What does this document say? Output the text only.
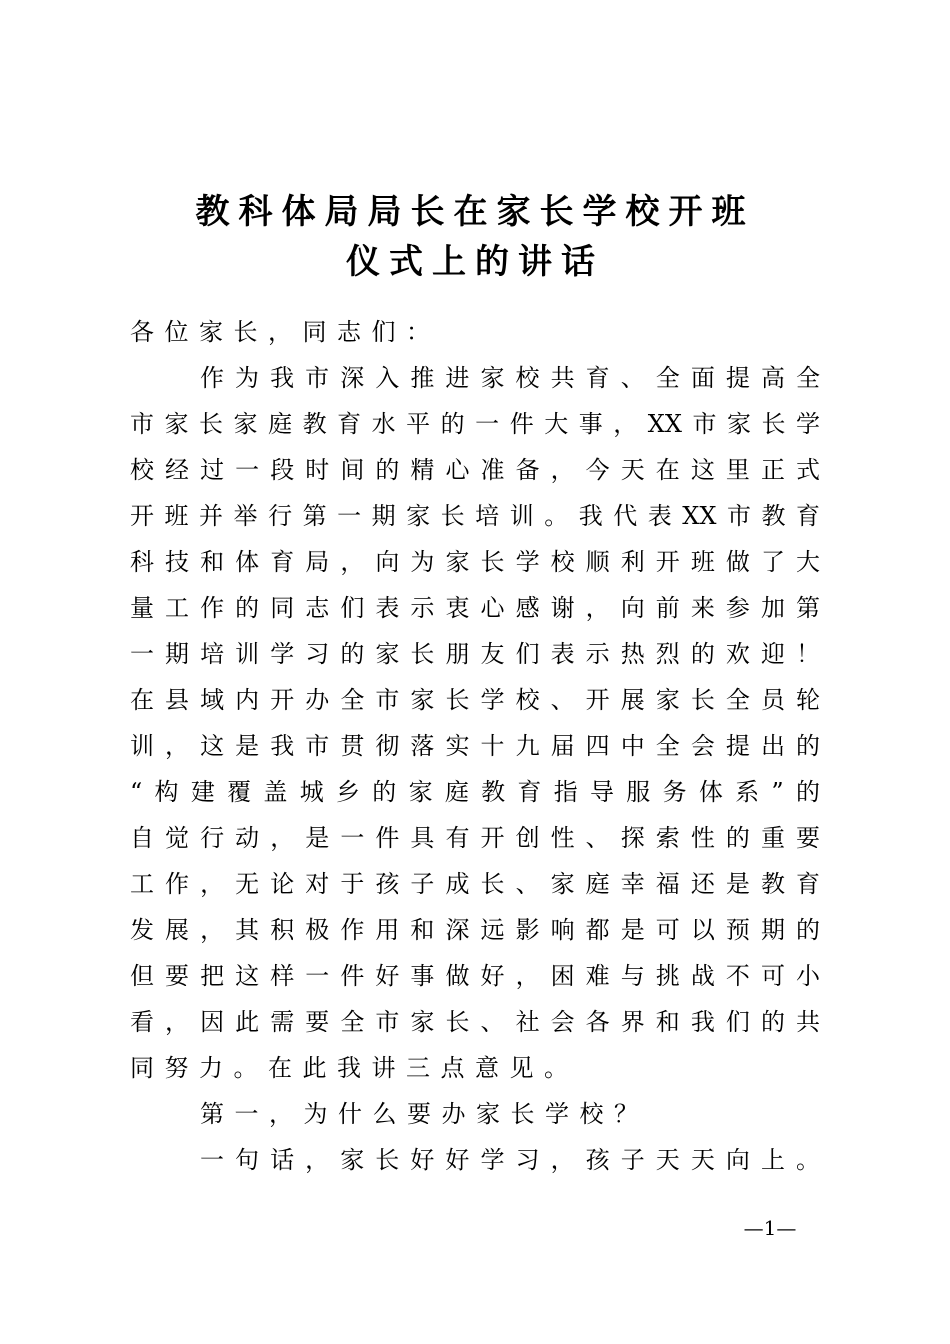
教科体局局长在家长学校开班
仪式上的讲话
各位家长，同志们：
作为我市深入推进家校共育、全面提高全
市家长家庭教育水平的一件大事，XX市家长学
校经过一段时间的精心准备，今天在这里正式
开班并举行第一期家长培训。我代表XX市教育
科技和体育局，向为家长学校顺利开班做了大
量工作的同志们表示衷心感谢，向前来参加第
一期培训学习的家长朋友们表示热烈的欢迎！
在县域内开办全市家长学校、开展家长全员轮
训，这是我市贯彻落实十九届四中全会提出的
“构建覆盖城乡的家庭教育指导服务体系”的
自觉行动，是一件具有开创性、探索性的重要
工作，无论对于孩子成长、家庭幸福还是教育
发展，其积极作用和深远影响都是可以预期的
但要把这样一件好事做好，困难与挑战不可小
看，因此需要全市家长、社会各界和我们的共
同努力。在此我讲三点意见。
第一，为什么要办家长学校？
一句话，家长好好学习，孩子天天向上。
—1—
